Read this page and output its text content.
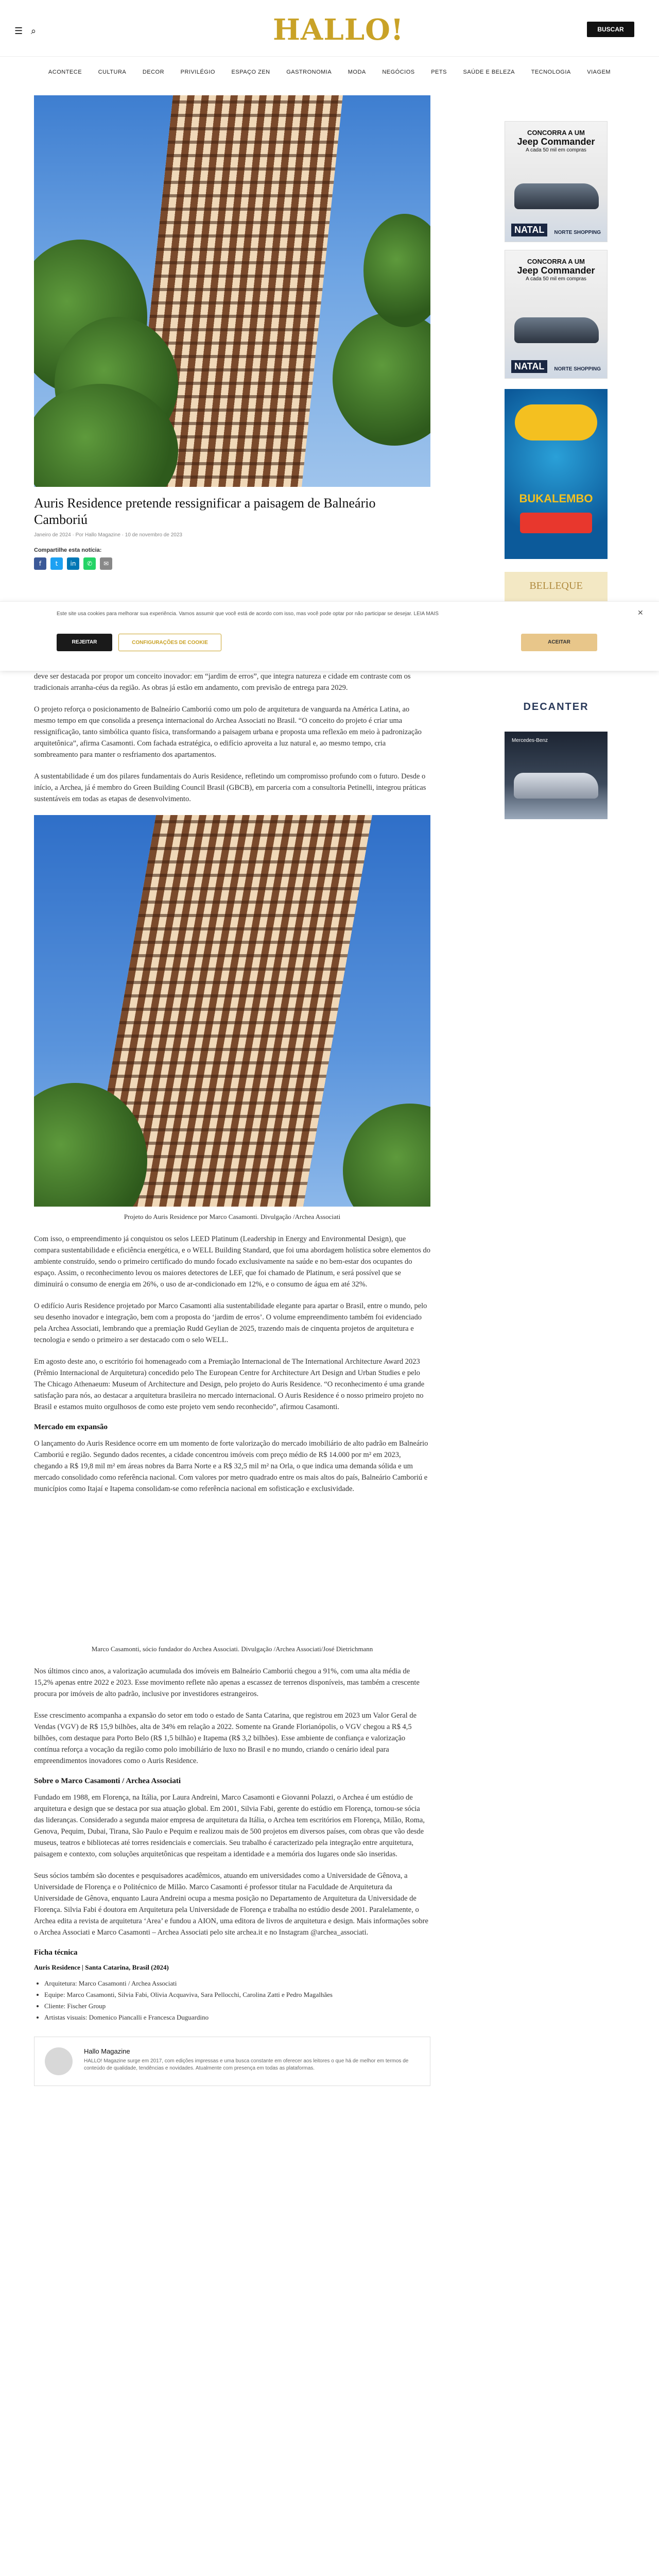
☰ ⌕	HALLO!	BUSCAR
ACONTECE	CULTURA	DECOR	PRIVILÉGIO	ESPAÇO ZEN	GASTRONOMIA	MODA	NEGÓCIOS	PETS	SAÚDE E BELEZA	TECNOLOGIA	VIAGEM
Auris Residence pretende ressignificar a paisagem de Balneário Camboriú
Janeiro de 2024 · Por Hallo Magazine · 10 de novembro de 2023
Compartilhe esta notícia:
f t in ✆ ✉

deve ser destacada por propor um conceito inovador: em “jardim de erros”, que integra natureza e cidade em contraste com os tradicionais arranha-céus da região. As obras já estão em andamento, com previsão de entrega para 2029.

O projeto reforça o posicionamento de Balneário Camboriú como um polo de arquitetura de vanguarda na América Latina, ao mesmo tempo em que consolida a presença internacional do Archea Associati no Brasil. “O conceito do projeto é criar uma ressignificação, tanto simbólica quanto física, transformando a paisagem urbana e proposta uma reflexão em meio à padronização arquitetônica”, afirma Casamonti. Com fachada estratégica, o edifício aproveita a luz natural e, ao mesmo tempo, cria sombreamento para manter o resfriamento dos apartamentos.

A sustentabilidade é um dos pilares fundamentais do Auris Residence, refletindo um compromisso profundo com o futuro. Desde o início, a Archea, já é membro do Green Building Council Brasil (GBCB), em parceria com a consultoria Petinelli, integrou práticas sustentáveis em todas as etapas de desenvolvimento.

Projeto do Auris Residence por Marco Casamonti. Divulgação /Archea Associati

Com isso, o empreendimento já conquistou os selos LEED Platinum (Leadership in Energy and Environmental Design), que compara sustentabilidade e eficiência energética, e o WELL Building Standard, que foi uma abordagem holística sobre elementos do ambiente construído, sendo o primeiro certificado do mundo focado exclusivamente na saúde e no bem-estar dos ocupantes do espaço. Assim, o reconhecimento levou os maiores detectores de LEF, que foi chamado de Platinum, e será possível que se diminuirá o consumo de energia em 26%, o uso de ar-condicionado em 12%, e o consumo de água em até 32%.

O edifício Auris Residence projetado por Marco Casamonti alia sustentabilidade elegante para apartar o Brasil, entre o mundo, pelo seu desenho inovador e integração, bem com a proposta do ‘jardim de erros’. O volume empreendimento também foi evidenciado pela Archea Associati, lembrando que a premiação Rudd Geylian de 2025, trazendo mais de cinquenta projetos de arquitetura e tecnologia e sendo o primeiro a ser destacado com o selo WELL.

Em agosto deste ano, o escritório foi homenageado com a Premiação Internacional de The International Architecture Award 2023 (Prêmio Internacional de Arquitetura) concedido pelo The European Centre for Architecture Art Design and Urban Studies e pelo The Chicago Athenaeum: Museum of Architecture and Design, pelo projeto do Auris Residence. “O reconhecimento é uma grande satisfação para nós, ao destacar a arquitetura brasileira no mercado internacional. O Auris Residence é o nosso primeiro projeto no Brasil e estamos muito orgulhosos de como este projeto vem sendo reconhecido”, afirmou Casamonti.

Mercado em expansão

O lançamento do Auris Residence ocorre em um momento de forte valorização do mercado imobiliário de alto padrão em Balneário Camboriú e região. Segundo dados recentes, a cidade concentrou imóveis com preço médio de R$ 14.000 por m² em 2023, chegando a R$ 19,8 mil m² em áreas nobres da Barra Norte e a R$ 32,5 mil m² na Orla, o que indica uma demanda sólida e um mercado consolidado como referência nacional. Com valores por metro quadrado entre os mais altos do país, Balneário Camboriú e municípios como Itajaí e Itapema consolidam-se como referência nacional em sofisticação e exclusividade.

Marco Casamonti, sócio fundador do Archea Associati. Divulgação /Archea Associati/José Dietrichmann

Nos últimos cinco anos, a valorização acumulada dos imóveis em Balneário Camboriú chegou a 91%, com uma alta média de 15,2% apenas entre 2022 e 2023. Esse movimento reflete não apenas a escassez de terrenos disponíveis, mas também a crescente procura por imóveis de alto padrão, inclusive por investidores estrangeiros.

Esse crescimento acompanha a expansão do setor em todo o estado de Santa Catarina, que registrou em 2023 um Valor Geral de Vendas (VGV) de R$ 15,9 bilhões, alta de 34% em relação a 2022. Somente na Grande Florianópolis, o VGV chegou a R$ 4,5 bilhões, com destaque para Porto Belo (R$ 1,5 bilhão) e Itapema (R$ 3,2 bilhões). Esse ambiente de confiança e valorização contínua reforça a vocação da região como polo imobiliário de luxo no Brasil e no mundo, criando o cenário ideal para empreendimentos inovadores como o Auris Residence.

Sobre o Marco Casamonti / Archea Associati

Fundado em 1988, em Florença, na Itália, por Laura Andreini, Marco Casamonti e Giovanni Polazzi, o Archea é um estúdio de arquitetura e design que se destaca por sua atuação global. Em 2001, Silvia Fabi, gerente do estúdio em Florença, tornou-se sócia das lideranças. Considerado a segunda maior empresa de arquitetura da Itália, o Archea tem escritórios em Florença, Milão, Roma, Genova, Pequim, Dubai, Tirana, São Paulo e Pequim e realizou mais de 500 projetos em diversos países, com obras que vão desde museus, teatros e bibliotecas até torres residenciais e comerciais. Seu trabalho é caracterizado pela integração entre arquitetura, paisagem e contexto, com soluções arquitetônicas que respeitam a identidade e a memória dos lugares onde são inseridas.

Seus sócios também são docentes e pesquisadores acadêmicos, atuando em universidades como a Universidade de Gênova, a Universidade de Florença e o Politécnico de Milão. Marco Casamonti é professor titular na Faculdade de Arquitetura da Universidade de Gênova, enquanto Laura Andreini ocupa a mesma posição no Departamento de Arquitetura da Universidade de Florença. Silvia Fabi é doutora em Arquitetura pela Universidade de Florença e trabalha no estúdio desde 2001. Paralelamente, o Archea edita a revista de arquitetura ‘Area’ e fundou a AION, uma editora de livros de arquitetura e design. Mais informações sobre o Archea Associati e Marco Casamonti – Archea Associati pelo site archea.it e no Instagram @archea_associati.

Ficha técnica
Auris Residence | Santa Catarina, Brasil (2024)
• Arquitetura: Marco Casamonti / Archea Associati
• Equipe: Marco Casamonti, Silvia Fabi, Olivia Acquaviva, Sara Pellocchi, Carolina Zatti e Pedro Magalhães
• Cliente: Fischer Group
• Artistas visuais: Domenico Piancalli e Francesca Duguardino
Hallo Magazine
HALLO! Magazine surge em 2017, com edições impressas e uma busca constante em oferecer aos leitores o que há de melhor em termos de conteúdo de qualidade, tendências e novidades. Atualmente com presença em todas as plataformas.
Este site usa cookies para melhorar sua experiência. Vamos assumir que você está de acordo com isso, mas você pode optar por não participar se desejar. LEIA MAIS	✕
REJEITAR	CONFIGURAÇÕES DE COOKIE	ACEITAR
CONCORRA A UM
Jeep Commander
A cada 50 mil em compras
NATAL	NORTE SHOPPING
CONCORRA A UM
Jeep Commander
A cada 50 mil em compras
NATAL	NORTE SHOPPING
BUKALEMBO
BELLEQUE
DECANTER
Mercedes-Benz
